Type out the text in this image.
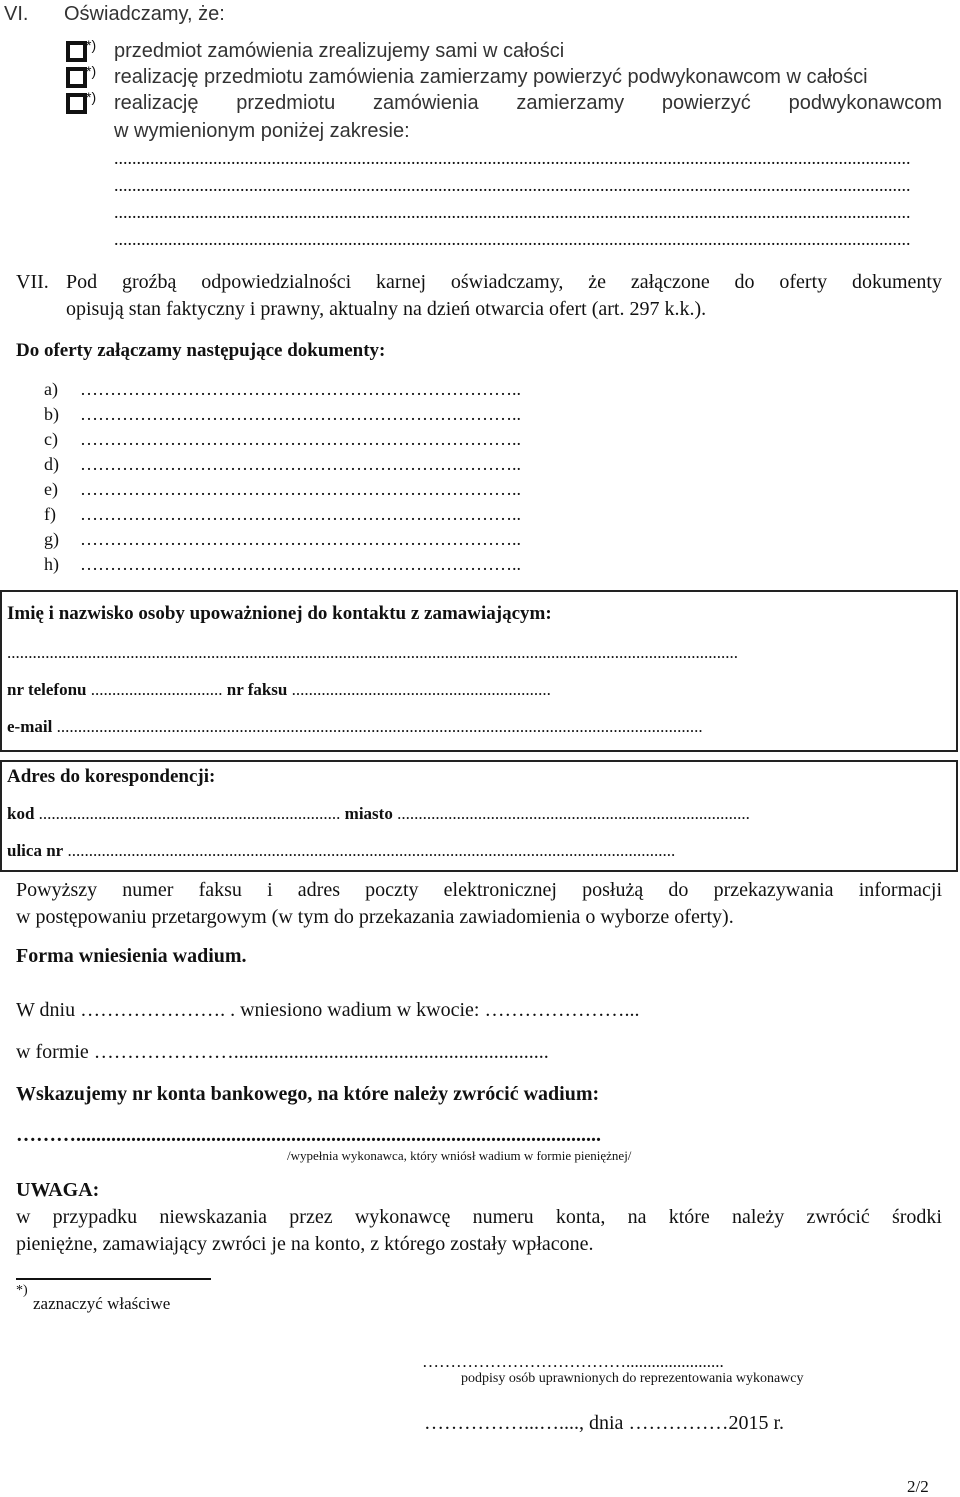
VI. Oświadczamy, że:
*) przedmiot zamówienia zrealizujemy sami w całości
*) realizację przedmiotu zamówienia zamierzamy powierzyć podwykonawcom w całości
*) realizację przedmiotu zamówienia zamierzamy powierzyć podwykonawcom
w wymienionym poniżej zakresie:
.................................................................................................................................................................................
.................................................................................................................................................................................
.................................................................................................................................................................................
.................................................................................................................................................................................
VII. Pod groźbą odpowiedzialności karnej oświadczamy, że załączone do oferty dokumenty
opisują stan faktyczny i prawny, aktualny na dzień otwarcia ofert (art. 297 k.k.).
Do oferty załączamy następujące dokumenty:
a) ………………………………………………………………..
b) ………………………………………………………………..
c) ………………………………………………………………..
d) ………………………………………………………………..
e) ………………………………………………………………..
f) ………………………………………………………………..
g) ………………………………………………………………..
h) ………………………………………………………………..
Imię i nazwisko osoby upoważnionej do kontaktu z zamawiającym:
............................................................................................................................................................................
nr telefonu ............................... nr faksu .............................................................
e-mail ........................................................................................................................................................
Adres do korespondencji:
kod ....................................................................... miasto ...................................................................................
ulica nr ...............................................................................................................................................
Powyższy numer faksu i adres poczty elektronicznej posłużą do przekazywania informacji
w postępowaniu przetargowym (w tym do przekazania zawiadomienia o wyborze oferty).
Forma wniesienia wadium.
W dniu …………………. . wniesiono wadium w kwocie: …………………...
w formie …………………...............................................................
Wskazujemy nr konta bankowego, na które należy zwrócić wadium:
……….........................................................................................................
/wypełnia wykonawca, który wniósł wadium w formie pieniężnej/
UWAGA:
w przypadku niewskazania przez wykonawcę numeru konta, na które należy zwrócić środki
pieniężne, zamawiający zwróci je na konto, z którego zostały wpłacone.
*)
zaznaczyć właściwe
……………………………….......................
podpisy osób uprawnionych do reprezentowania wykonawcy
……………...…...., dnia ……………2015 r.
2/2
